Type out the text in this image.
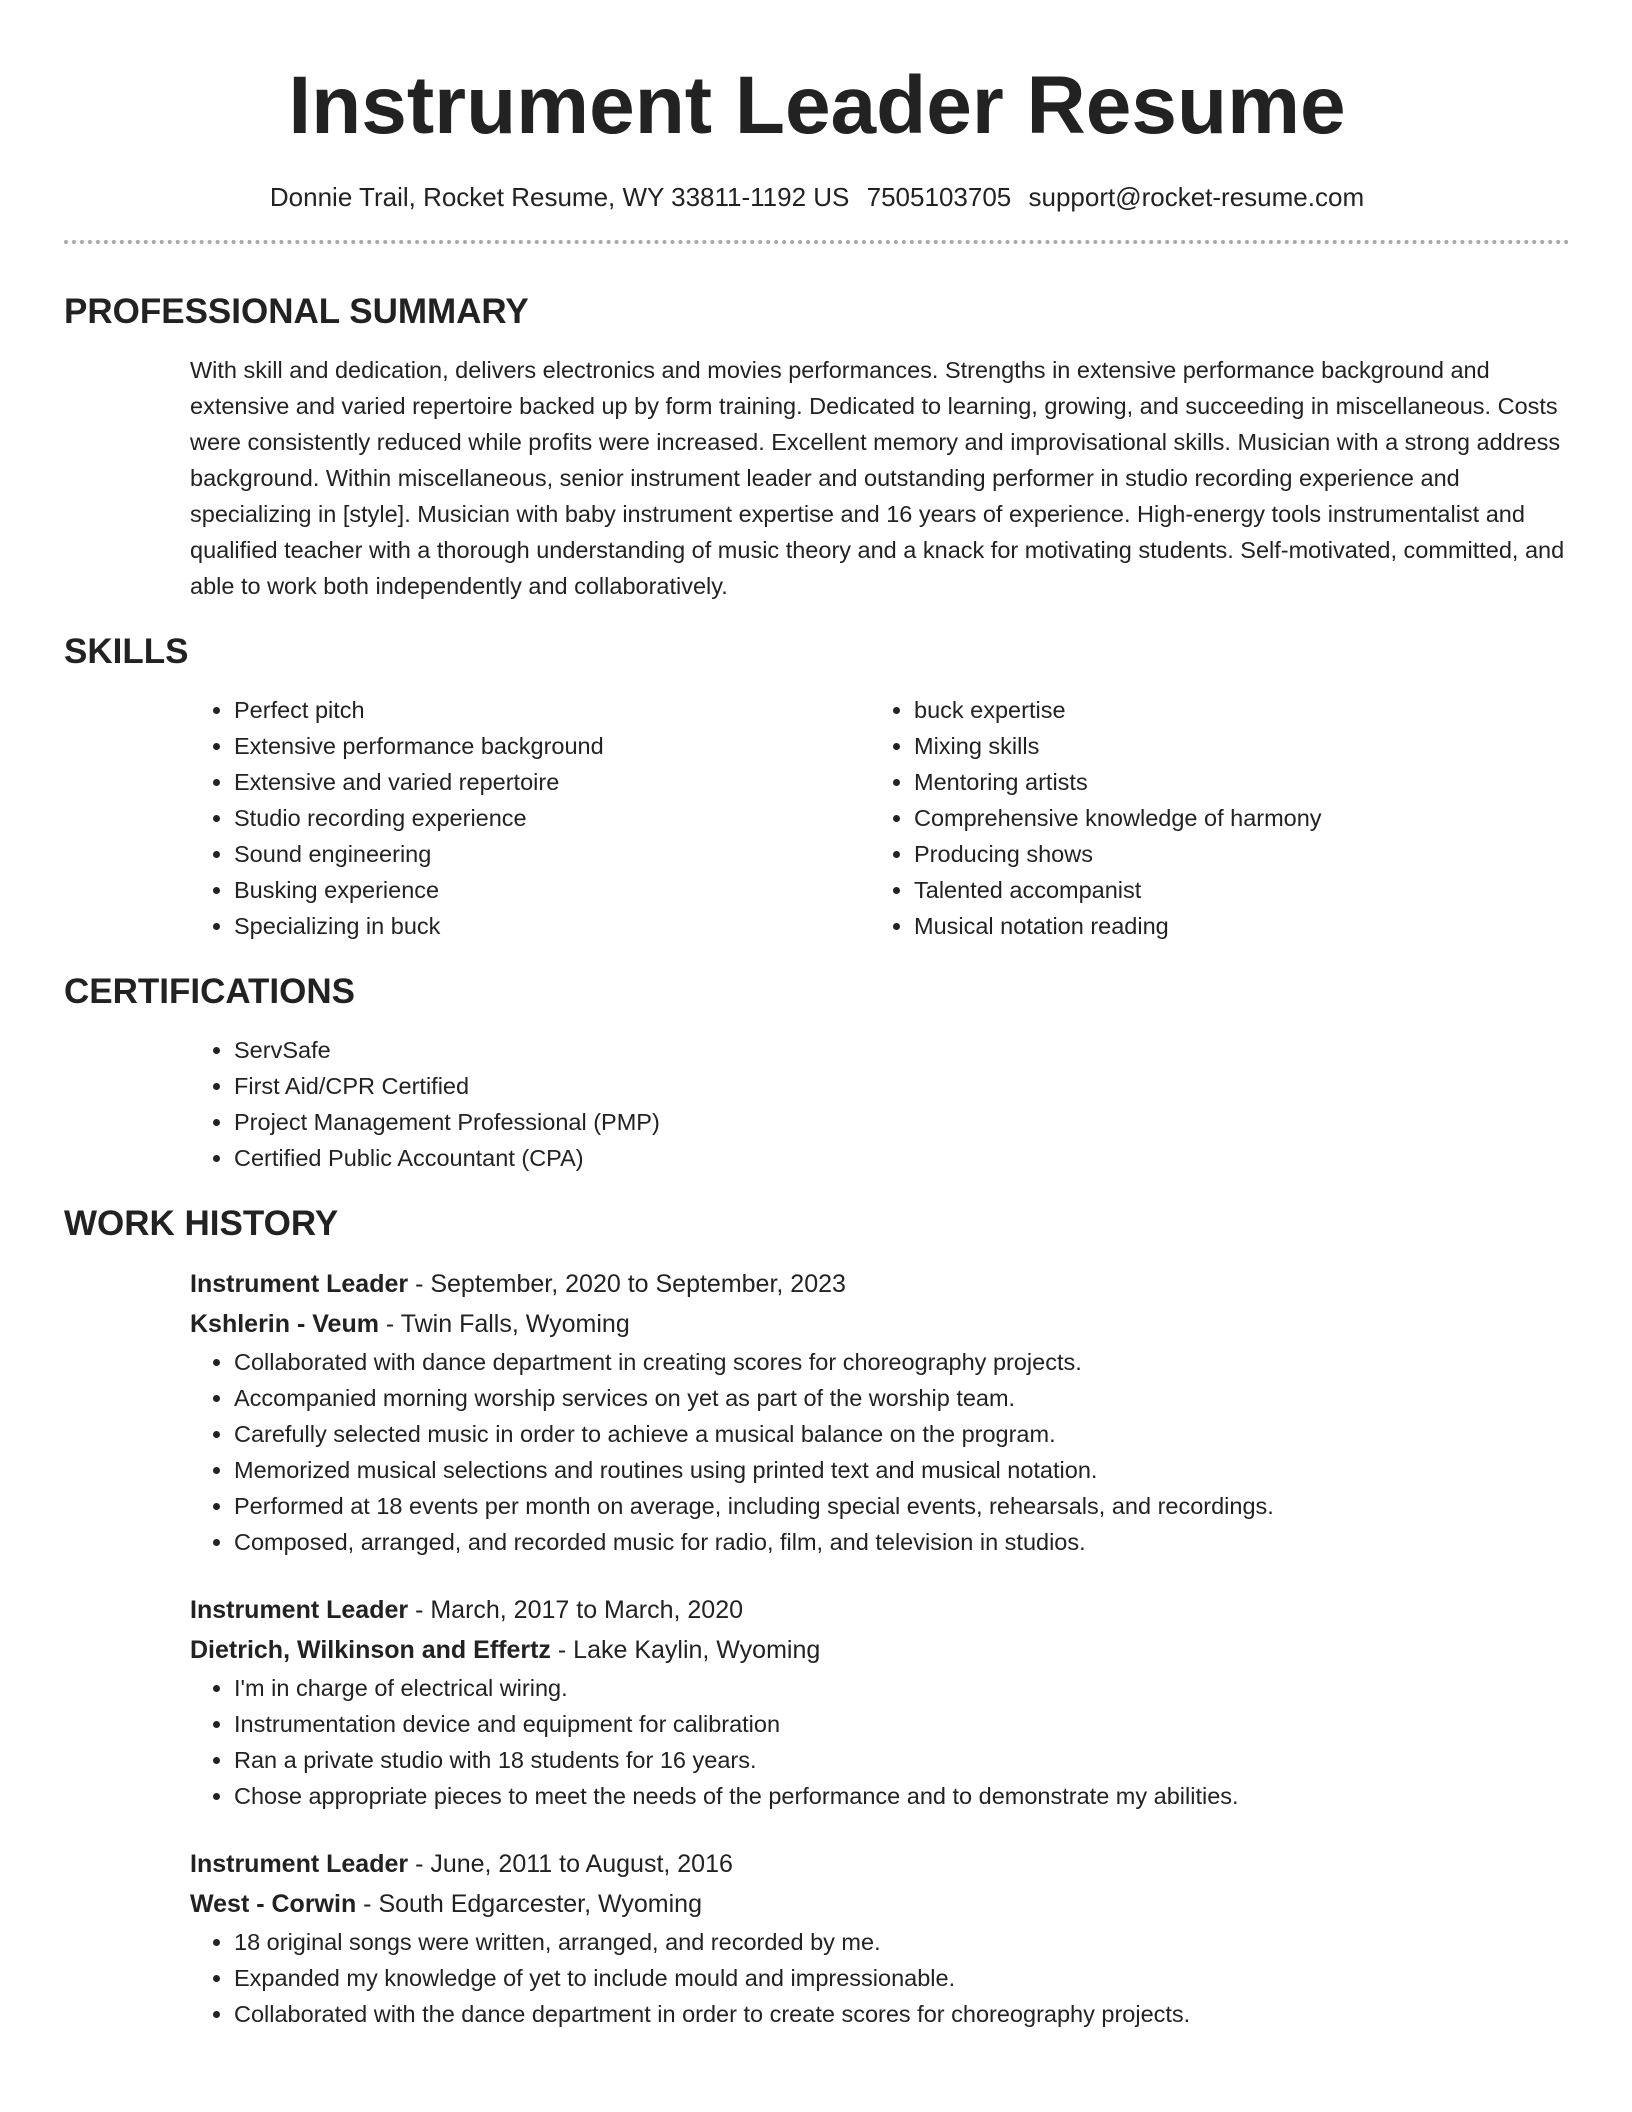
Instrument Leader Resume
Donnie Trail, Rocket Resume, WY 33811-1192 US 7505103705 support@rocket-resume.com
PROFESSIONAL SUMMARY

With skill and dedication, delivers electronics and movies performances. Strengths in extensive performance background and extensive and varied repertoire backed up by form training. Dedicated to learning, growing, and succeeding in miscellaneous. Costs were consistently reduced while profits were increased. Excellent memory and improvisational skills. Musician with a strong address background. Within miscellaneous, senior instrument leader and outstanding performer in studio recording experience and specializing in [style]. Musician with baby instrument expertise and 16 years of experience. High-energy tools instrumentalist and qualified teacher with a thorough understanding of music theory and a knack for motivating students. Self-motivated, committed, and able to work both independently and collaboratively.

SKILLS
• Perfect pitch
• Extensive performance background
• Extensive and varied repertoire
• Studio recording experience
• Sound engineering
• Busking experience
• Specializing in buck
• buck expertise
• Mixing skills
• Mentoring artists
• Comprehensive knowledge of harmony
• Producing shows
• Talented accompanist
• Musical notation reading
CERTIFICATIONS
• ServSafe
• First Aid/CPR Certified
• Project Management Professional (PMP)
• Certified Public Accountant (CPA)
WORK HISTORY
Instrument Leader - September, 2020 to September, 2023
Kshlerin - Veum - Twin Falls, Wyoming
• Collaborated with dance department in creating scores for choreography projects.
• Accompanied morning worship services on yet as part of the worship team.
• Carefully selected music in order to achieve a musical balance on the program.
• Memorized musical selections and routines using printed text and musical notation.
• Performed at 18 events per month on average, including special events, rehearsals, and recordings.
• Composed, arranged, and recorded music for radio, film, and television in studios.
Instrument Leader - March, 2017 to March, 2020
Dietrich, Wilkinson and Effertz - Lake Kaylin, Wyoming
• I'm in charge of electrical wiring.
• Instrumentation device and equipment for calibration
• Ran a private studio with 18 students for 16 years.
• Chose appropriate pieces to meet the needs of the performance and to demonstrate my abilities.
Instrument Leader - June, 2011 to August, 2016
West - Corwin - South Edgarcester, Wyoming
• 18 original songs were written, arranged, and recorded by me.
• Expanded my knowledge of yet to include mould and impressionable.
• Collaborated with the dance department in order to create scores for choreography projects.
